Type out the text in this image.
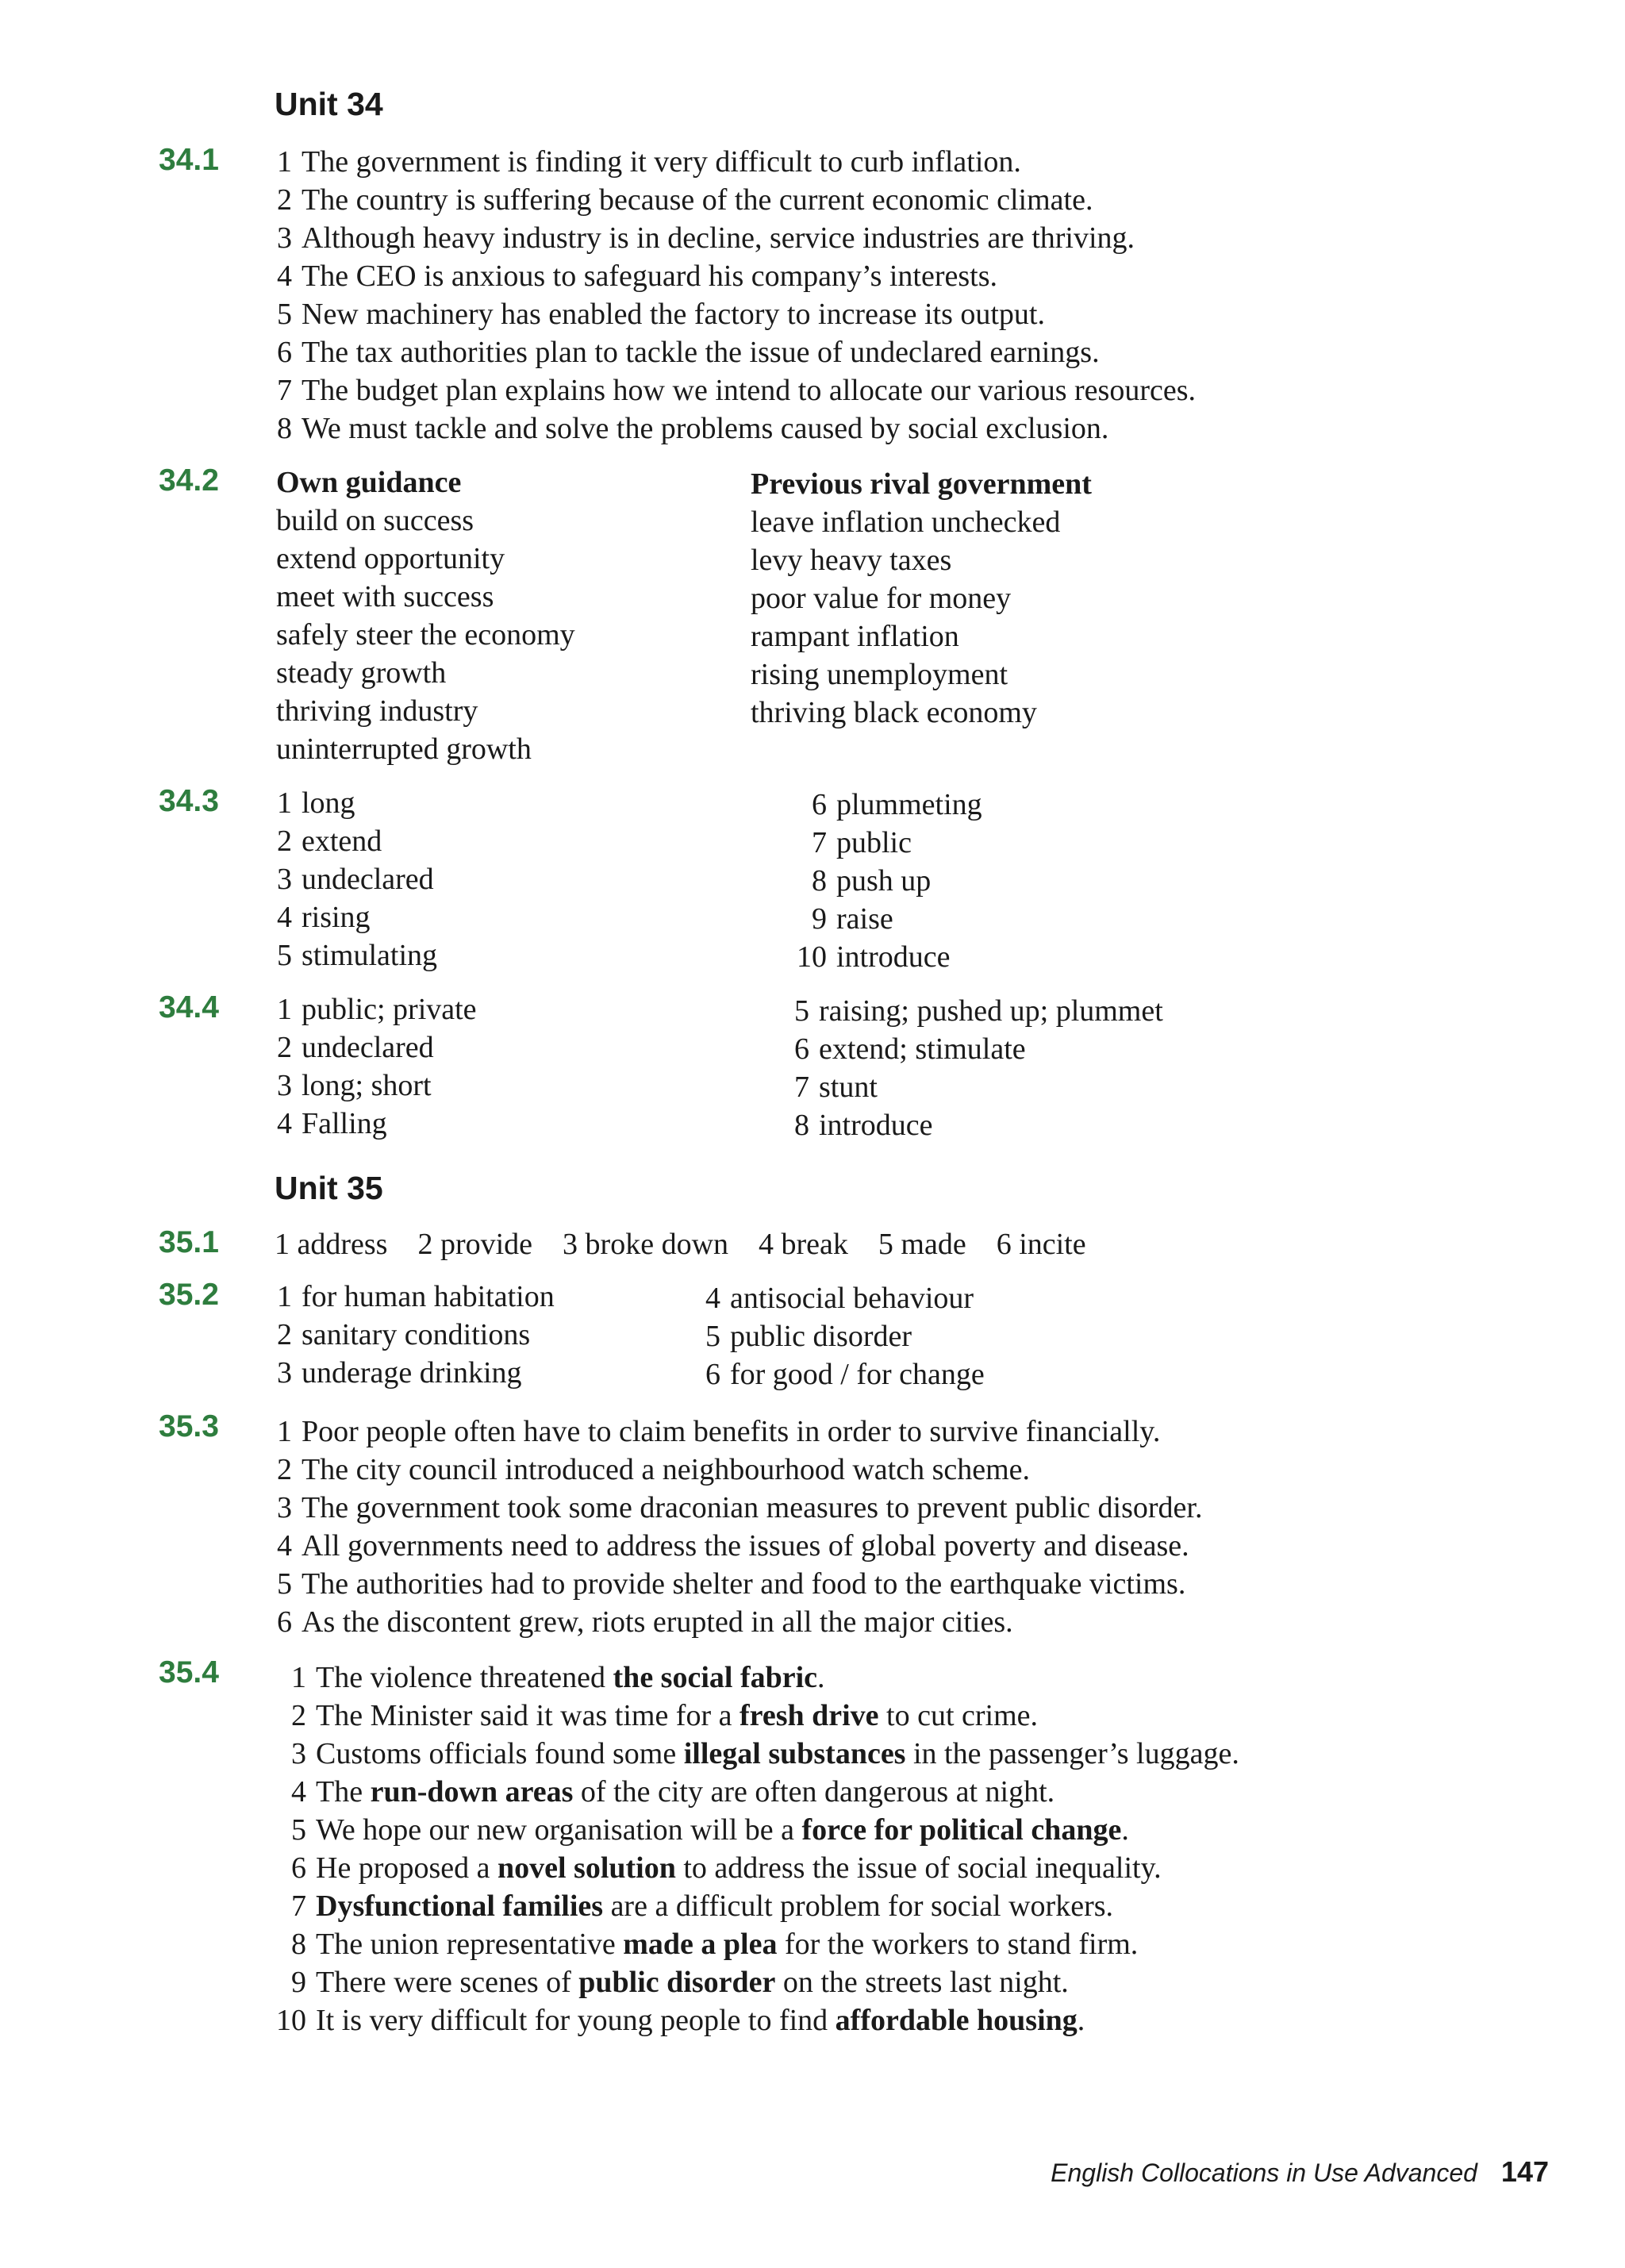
Unit 34
34.1 1 The government is finding it very difficult to curb inflation.
2 The country is suffering because of the current economic climate.
3 Although heavy industry is in decline, service industries are thriving.
4 The CEO is anxious to safeguard his company’s interests.
5 New machinery has enabled the factory to increase its output.
6 The tax authorities plan to tackle the issue of undeclared earnings.
7 The budget plan explains how we intend to allocate our various resources.
8 We must tackle and solve the problems caused by social exclusion.
34.2 Own guidance
build on success
extend opportunity
meet with success
safely steer the economy
steady growth
thriving industry
uninterrupted growth
Previous rival government
leave inflation unchecked
levy heavy taxes
poor value for money
rampant inflation
rising unemployment
thriving black economy
34.3 1 long
2 extend
3 undeclared
4 rising
5 stimulating
6 plummeting
7 public
8 push up
9 raise
10 introduce
34.4 1 public; private
2 undeclared
3 long; short
4 Falling
5 raising; pushed up; plummet
6 extend; stimulate
7 stunt
8 introduce
Unit 35
35.1 1 address 2 provide 3 broke down 4 break 5 made 6 incite
35.2 1 for human habitation
2 sanitary conditions
3 underage drinking
4 antisocial behaviour
5 public disorder
6 for good / for change
35.3 1 Poor people often have to claim benefits in order to survive financially.
2 The city council introduced a neighbourhood watch scheme.
3 The government took some draconian measures to prevent public disorder.
4 All governments need to address the issues of global poverty and disease.
5 The authorities had to provide shelter and food to the earthquake victims.
6 As the discontent grew, riots erupted in all the major cities.
35.4	1 The violence threatened the social fabric.
2 The Minister said it was time for a fresh drive to cut crime.
3 Customs officials found some illegal substances in the passenger’s luggage.
4 The run-down areas of the city are often dangerous at night.
5 We hope our new organisation will be a force for political change.
6 He proposed a novel solution to address the issue of social inequality.
7 Dysfunctional families are a difficult problem for social workers.
8 The union representative made a plea for the workers to stand firm.
9 There were scenes of public disorder on the streets last night.
10 It is very difficult for young people to find affordable housing.
English Collocations in Use Advanced 147
